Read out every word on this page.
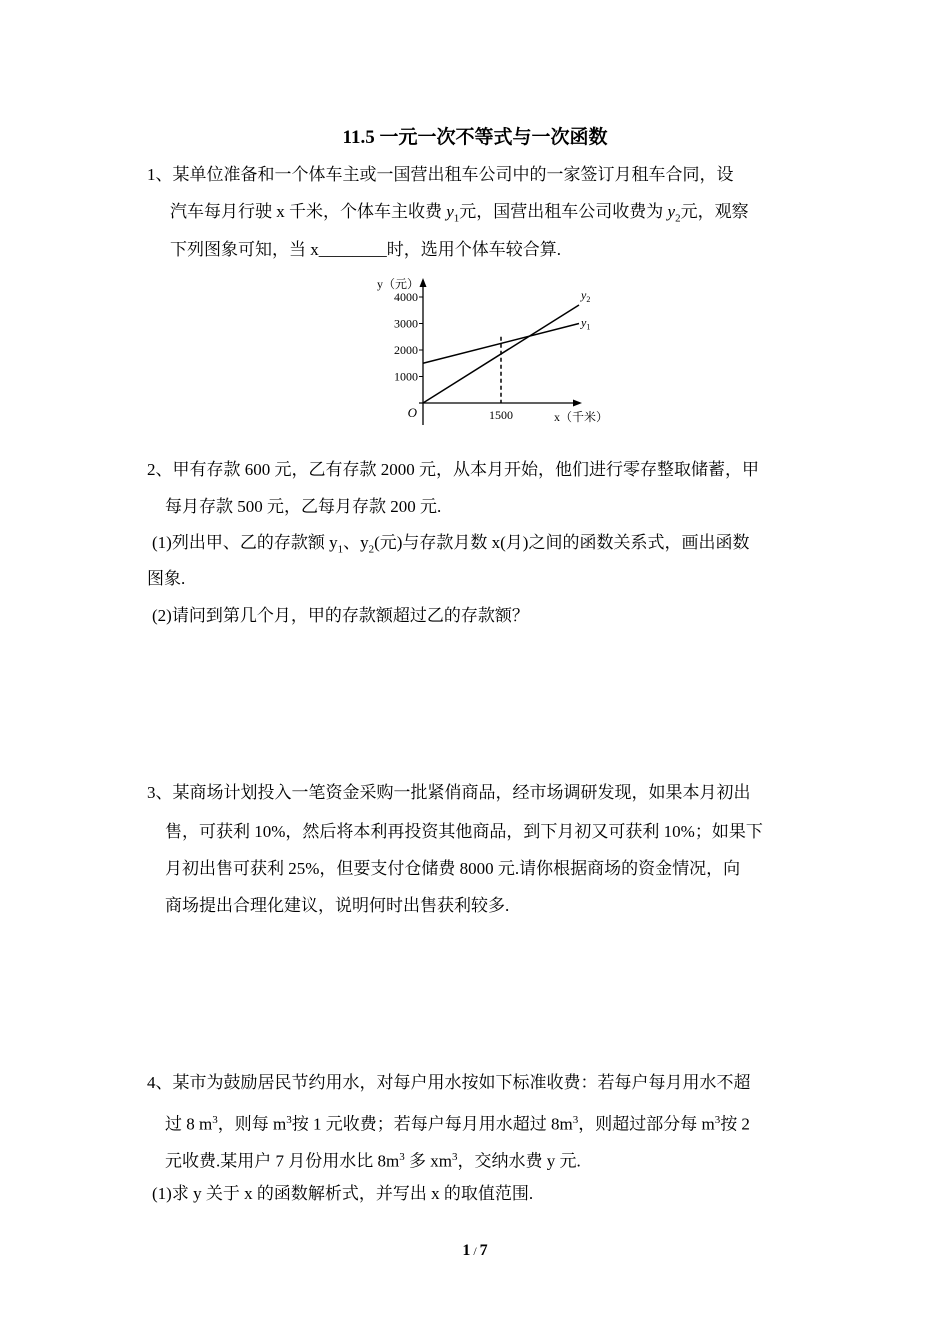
11.5 一元一次不等式与一次函数
1、某单位准备和一个体车主或一国营出租车公司中的一家签订月租车合同，设
汽车每月行驶 x 千米，个体车主收费 $y_1$元，国营出租车公司收费为 $y_2$元，观察
下列图象可知，当 x________时，选用个体车较合算.
1000
2000
3000
4000
1500
$y_1$
$y_2$
y（元）
x（千米）
O
2、甲有存款 600 元，乙有存款 2000 元，从本月开始，他们进行零存整取储蓄，甲
每月存款 500 元，乙每月存款 200 元.
(1)列出甲、乙的存款额 $y_1$、$y_2$(元)与存款月数 x(月)之间的函数关系式，画出函数
图象.
(2)请问到第几个月，甲的存款额超过乙的存款额？
3、某商场计划投入一笔资金采购一批紧俏商品，经市场调研发现，如果本月初出
售，可获利 10%，然后将本利再投资其他商品，到下月初又可获利 10%；如果下
月初出售可获利 25%，但要支付仓储费 8000 元.请你根据商场的资金情况，向
商场提出合理化建议，说明何时出售获利较多.
4、某市为鼓励居民节约用水，对每户用水按如下标准收费：若每户每月用水不超
过 8 $m^3$，则每 $m^3$按 1 元收费；若每户每月用水超过 $8m^3$，则超过部分每 $m^3$按 2
元收费.某用户 7 月份用水比 $8m^3$ 多 $xm^3$，交纳水费 y 元.
(1)求 y 关于 x 的函数解析式，并写出 x 的取值范围.
1 / 7
